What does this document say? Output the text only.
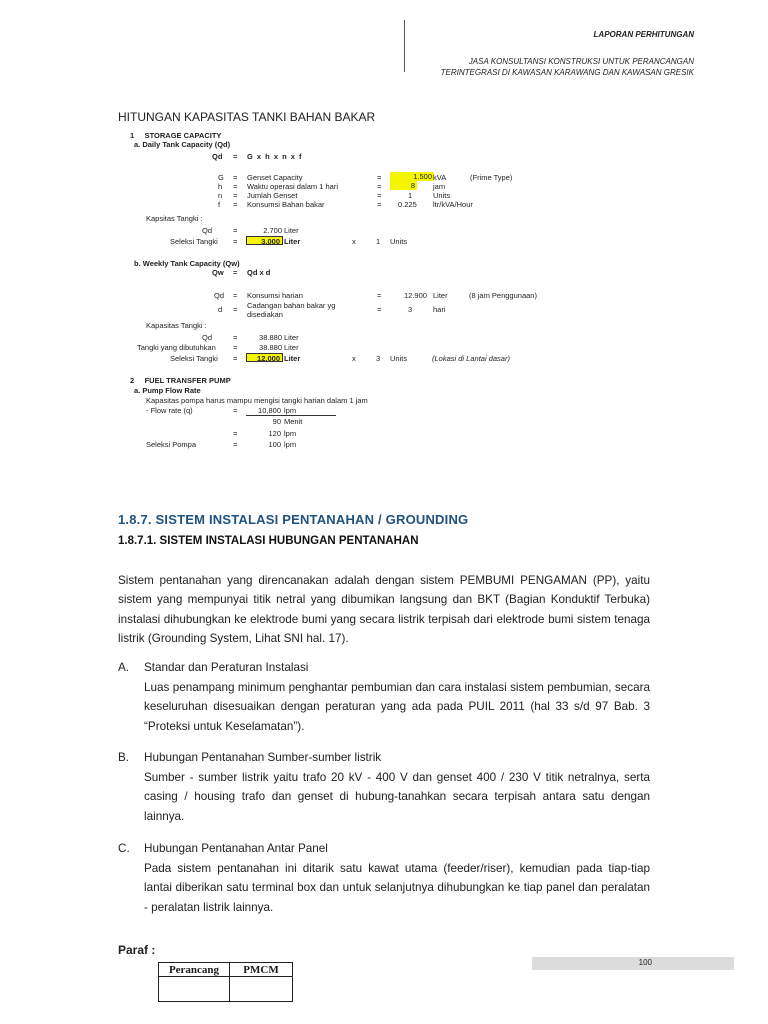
LAPORAN PERHITUNGAN
JASA KONSULTANSI KONSTRUKSI UNTUK PERANCANGAN
TERINTEGRASI DI KAWASAN KARAWANG DAN KAWASAN GRESIK
HITUNGAN KAPASITAS TANKI BAHAN BAKAR
1     STORAGE CAPACITY
a. Daily Tank Capacity (Qd)
Qd = G x h x n x f
G = Genset Capacity	=	1.500 kVA	(Frime Type)
h = Waktu operasi dalam 1 hari	=	8 jam
n = Jumlah Genset	=	1	Units
f = Konsumsi Bahan bakar	= 0.225 ltr/kVA/Hour
Kapsitas Tangki :
Qd	=	2.700 Liter
Seleksi Tangki =	3.000 Liter	x	1 Units
b. Weekly Tank Capacity (Qw)
Qw = Qd x d
Qd = Konsumsi harian	=	12.900 Liter	(8 jam Penggunaan)
d = Cadangan bahan bakar yg
disediakan
=	3	hari
Kapasitas Tangki :
Qd	=	38.880 Liter
Tangki yang dibutuhkan =	38.880 Liter
Seleksi Tangki =	12.000 Liter	x	3 Units	(Lokasi di Lantai dasar)
2     FUEL TRANSFER PUMP
a. Pump Flow Rate
Kapasitas pompa harus mampu mengisi tangki harian dalam 1 jam
- Flow rate (q)	=	10,800 lpm
90 Menit
=	120 lpm
Seleksi Pompa	=	100 lpm
1.8.7. SISTEM INSTALASI PENTANAHAN / GROUNDING
1.8.7.1. SISTEM INSTALASI HUBUNGAN PENTANAHAN
Sistem pentanahan yang direncanakan adalah dengan sistem PEMBUMI PENGAMAN (PP), yaitu sistem yang mempunyai titik netral yang dibumikan langsung dan BKT (Bagian Konduktif Terbuka) instalasi dihubungkan ke elektrode bumi yang secara listrik terpisah dari elektrode bumi sistem tenaga listrik (Grounding System, Lihat SNI hal. 17).
A. Standar dan Peraturan Instalasi
Luas penampang minimum penghantar pembumian dan cara instalasi sistem pembumian, secara keseluruhan disesuaikan dengan peraturan yang ada pada PUIL 2011 (hal 33 s/d 97 Bab. 3 “Proteksi untuk Keselamatan”).
B. Hubungan Pentanahan Sumber-sumber listrik
Sumber - sumber listrik yaitu trafo 20 kV - 400 V dan genset 400 / 230 V titik netralnya, serta casing / housing trafo dan genset di hubung-tanahkan secara terpisah antara satu dengan lainnya.
C. Hubungan Pentanahan Antar Panel
Pada sistem pentanahan ini ditarik satu kawat utama (feeder/riser), kemudian pada tiap-tiap lantai diberikan satu terminal box dan untuk selanjutnya dihubungkan ke tiap panel dan peralatan - peralatan listrik lainnya.
Paraf :
100
Perancang	PMCM
